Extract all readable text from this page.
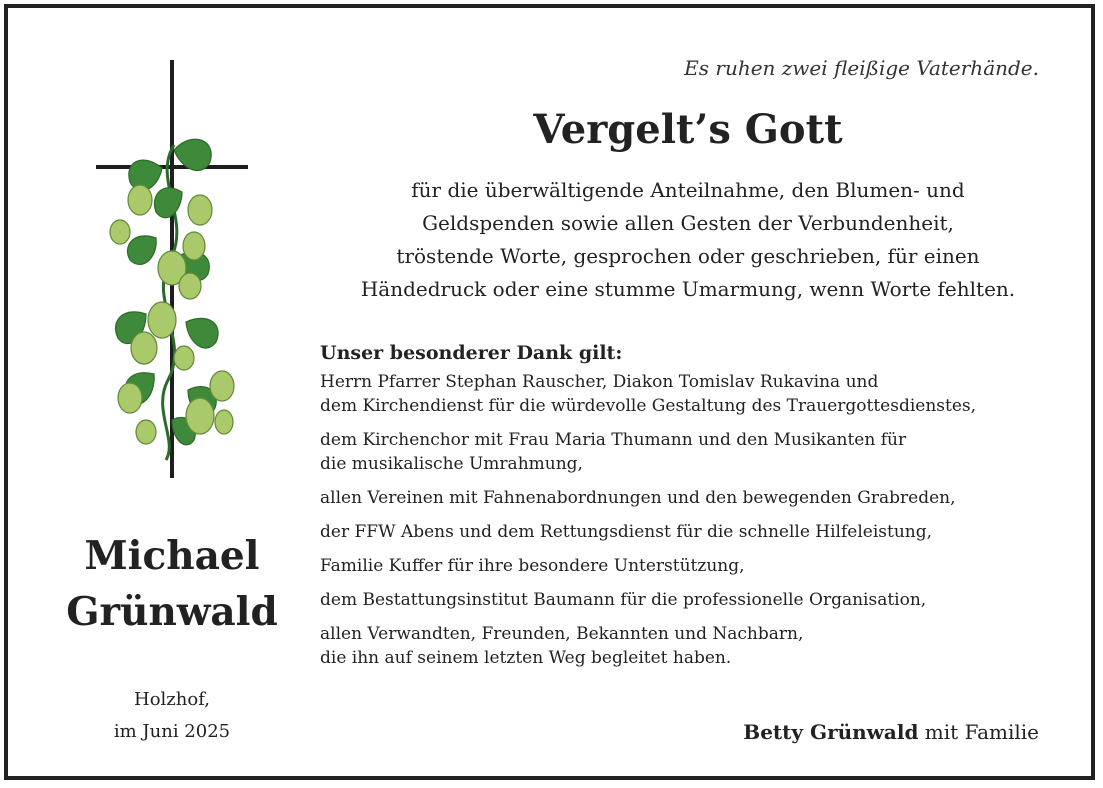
Michael
Grünwald
Holzhof,
im Juni 2025
Es ruhen zwei fleißige Vaterhände.
Vergelt’s Gott
für die überwältigende Anteilnahme, den Blumen- und
Geldspenden sowie allen Gesten der Verbundenheit,
tröstende Worte, gesprochen oder geschrieben, für einen
Händedruck oder eine stumme Umarmung, wenn Worte fehlten.
Unser besonderer Dank gilt:
Herrn Pfarrer Stephan Rauscher, Diakon Tomislav Rukavina und
dem Kirchendienst für die würdevolle Gestaltung des Trauergottesdienstes,
dem Kirchenchor mit Frau Maria Thumann und den Musikanten für
die musikalische Umrahmung,
allen Vereinen mit Fahnenabordnungen und den bewegenden Grabreden,
der FFW Abens und dem Rettungsdienst für die schnelle Hilfeleistung,
Familie Kuffer für ihre besondere Unterstützung,
dem Bestattungsinstitut Baumann für die professionelle Organisation,
allen Verwandten, Freunden, Bekannten und Nachbarn,
die ihn auf seinem letzten Weg begleitet haben.
Betty Grünwald mit Familie
